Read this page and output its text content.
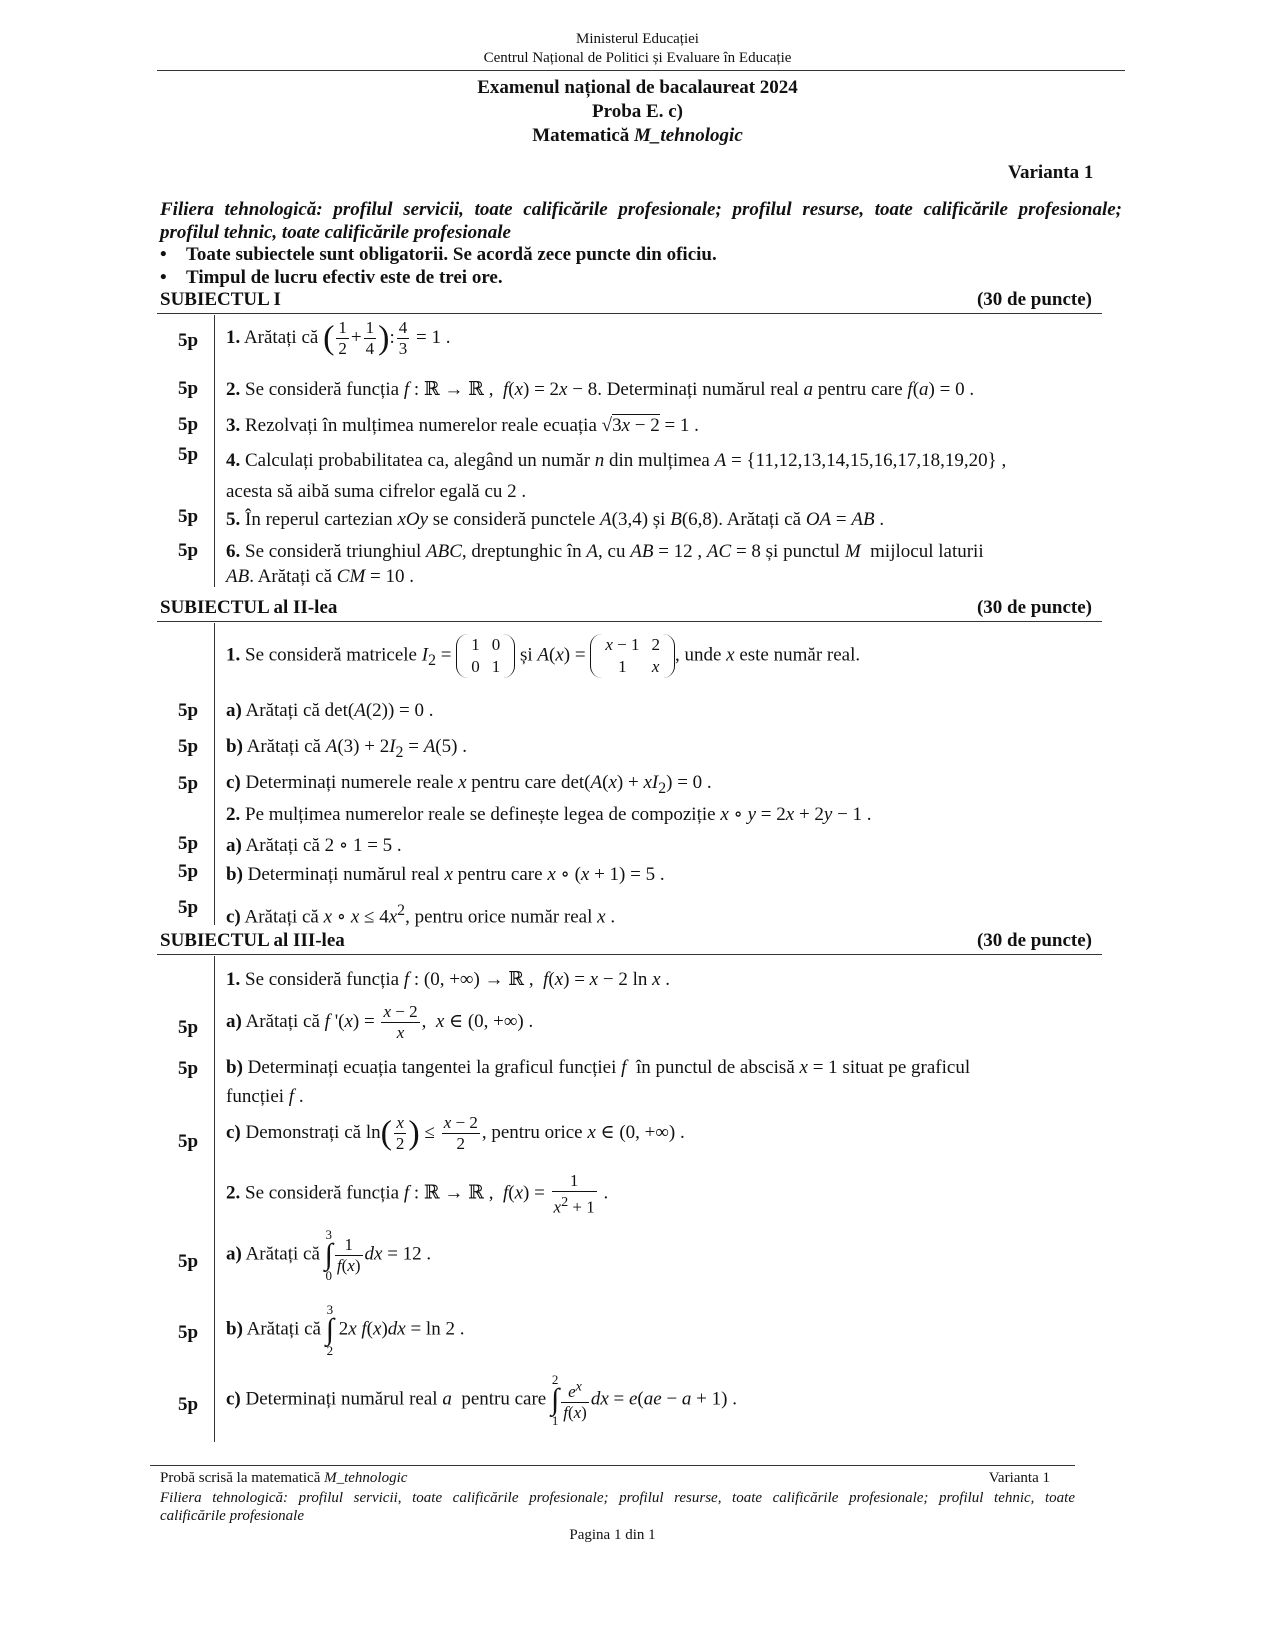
Ministerul Educației
Centrul Național de Politici și Evaluare în Educație
Examenul național de bacalaureat 2024
Proba E. c)
Matematică M_tehnologic
Varianta 1
Filiera tehnologică: profilul servicii, toate calificările profesionale; profilul resurse, toate calificările profesionale;
profilul tehnic, toate calificările profesionale
• Toate subiectele sunt obligatorii. Se acordă zece puncte din oficiu.
• Timpul de lucru efectiv este de trei ore.
SUBIECTUL I	(30 de puncte)
5p 1. Arătați că ( $\frac{1}{2} + \frac{1}{4}$ ): $\frac{4}{3} = 1$ .
5p 2. Se consideră funcția f : ℝ → ℝ ,  f(x) = 2x − 8. Determinați numărul real a pentru care f(a) = 0 .
5p 3. Rezolvați în mulțimea numerelor reale ecuația √3x − 2 = 1 .
5p 4. Calculați probabilitatea ca, alegând un număr n din mulțimea A = {11,12,13,14,15,16,17,18,19,20} ,
acesta să aibă suma cifrelor egală cu 2 .
5p 5. În reperul cartezian xOy se consideră punctele A(3,4) și B(6,8). Arătați că OA = AB .
5p 6. Se consideră triunghiul ABC, dreptunghic în A, cu AB = 12 , AC = 8 și punctul M mijlocul laturii
AB. Arătați că CM = 10 .
SUBIECTUL al II-lea	(30 de puncte)
1. Se consideră matricele $I_2 = 1$	0
0	1
și A(x) = x − 1	2
1	x
, unde x este număr real.
5p a) Arătați că det(A(2)) = 0 .
5p b) Arătați că $A(3) + 2I_2 = A(5)$ .
5p c) Determinați numerele reale x pentru care $\det(A(x) + xI_2) = 0$ .
2. Pe mulțimea numerelor reale se definește legea de compoziție x ∘ y = 2x + 2y − 1 .
5p a) Arătați că 2 ∘ 1 = 5 .
5p b) Determinați numărul real x pentru care x ∘ (x + 1) = 5 .
5p c) Arătați că x ∘ $x \le 4x^2$, pentru orice număr real x .
SUBIECTUL al III-lea	(30 de puncte)
1. Se consideră funcția f : (0, +∞) → ℝ ,  f(x) = x − 2 ln x .
5p a) Arătați că f '$(x) = \frac{x - 2}{x}$ ,  x ∈ (0, +∞) .
5p b) Determinați ecuația tangentei la graficul funcției f în punctul de abscisă x = 1 situat pe graficul
funcției f .
5p c) Demonstrați că $\ln( \frac{x}{2}$ ) ≤ $\frac{x - 2}{2}$ , pentru orice x ∈ (0, +∞) .
2. Se consideră funcția f : ℝ → ℝ ,  $f(x) = \frac{1}{x^2 + 1}$ .
5p a) Arătați că 3
∫
$0 \frac{1}{f(x)}$ dx = 12 .
5p b) Arătați că 3
∫
2 2x f(x)dx = ln 2 .
5p c) Determinați numărul real a pentru care 2
∫
$1 \frac{e^x}{f(x)}$ dx = e(ae − a + 1) .
Probă scrisă la matematică M_tehnologic	Varianta 1
Filiera tehnologică: profilul servicii, toate calificările profesionale; profilul resurse, toate calificările profesionale; profilul tehnic, toate
calificările profesionale
Pagina 1 din 1
